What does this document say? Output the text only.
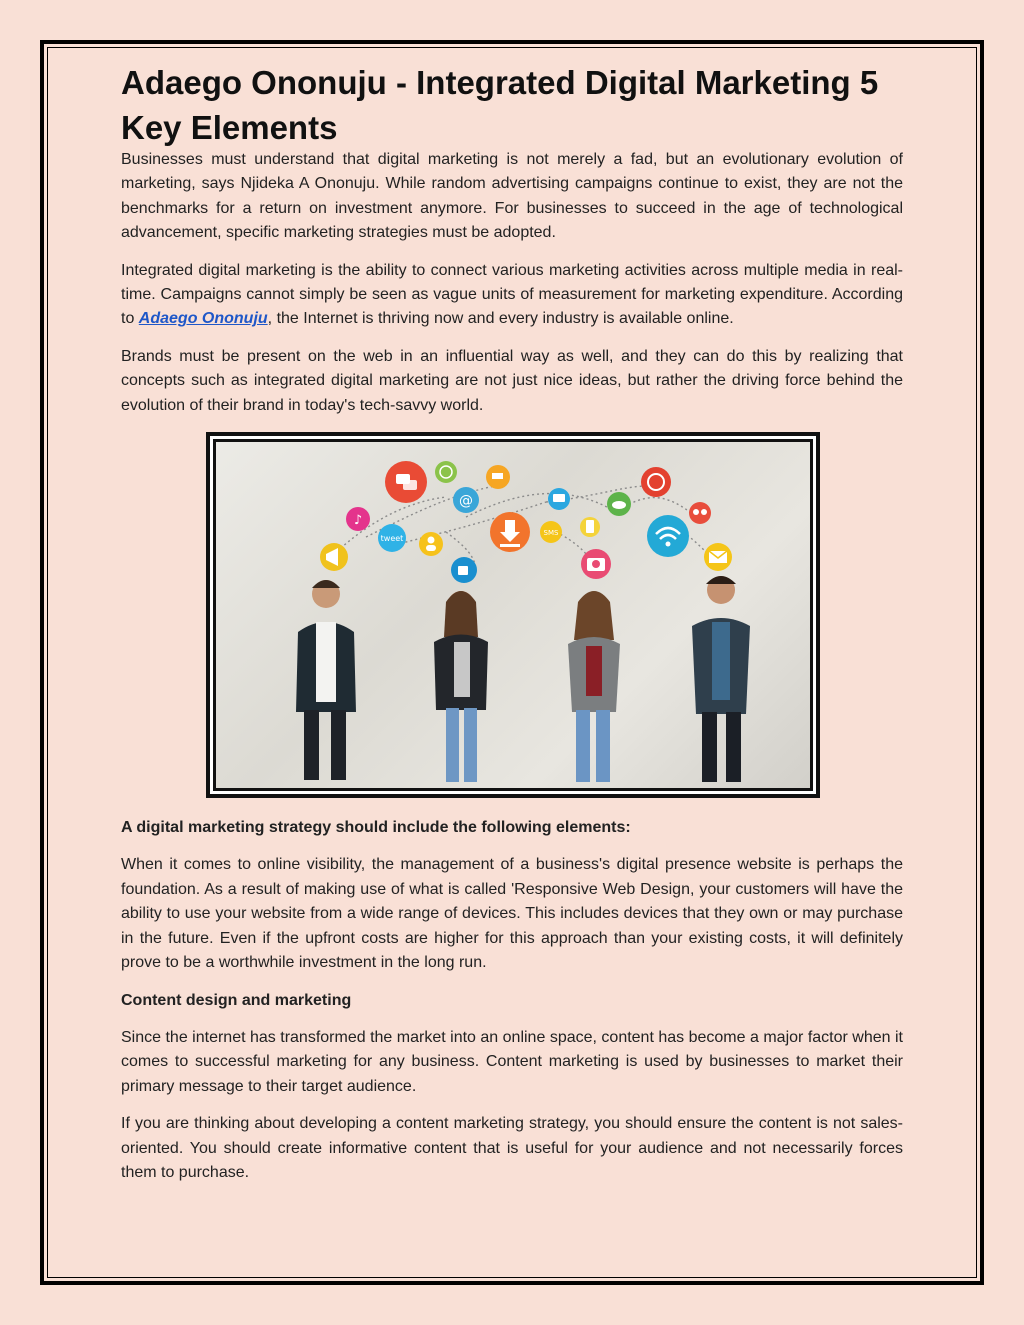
Adaego Ononuju - Integrated Digital Marketing 5 Key Elements

Businesses must understand that digital marketing is not merely a fad, but an evolutionary evolution of marketing, says Njideka A Ononuju. While random advertising campaigns continue to exist, they are not the benchmarks for a return on investment anymore. For businesses to succeed in the age of technological advancement, specific marketing strategies must be adopted.

Integrated digital marketing is the ability to connect various marketing activities across multiple media in real-time. Campaigns cannot simply be seen as vague units of measurement for marketing expenditure. According to Adaego Ononuju, the Internet is thriving now and every industry is available online.

Brands must be present on the web in an influential way as well, and they can do this by realizing that concepts such as integrated digital marketing are not just nice ideas, but rather the driving force behind the evolution of their brand in today's tech-savvy world.

@
♪
tweet
SMS
A digital marketing strategy should include the following elements:

When it comes to online visibility, the management of a business's digital presence website is perhaps the foundation. As a result of making use of what is called 'Responsive Web Design, your customers will have the ability to use your website from a wide range of devices. This includes devices that they own or may purchase in the future. Even if the upfront costs are higher for this approach than your existing costs, it will definitely prove to be a worthwhile investment in the long run.

Content design and marketing

Since the internet has transformed the market into an online space, content has become a major factor when it comes to successful marketing for any business. Content marketing is used by businesses to market their primary message to their target audience.

If you are thinking about developing a content marketing strategy, you should ensure the content is not sales-oriented. You should create informative content that is useful for your audience and not necessarily forces them to purchase.
